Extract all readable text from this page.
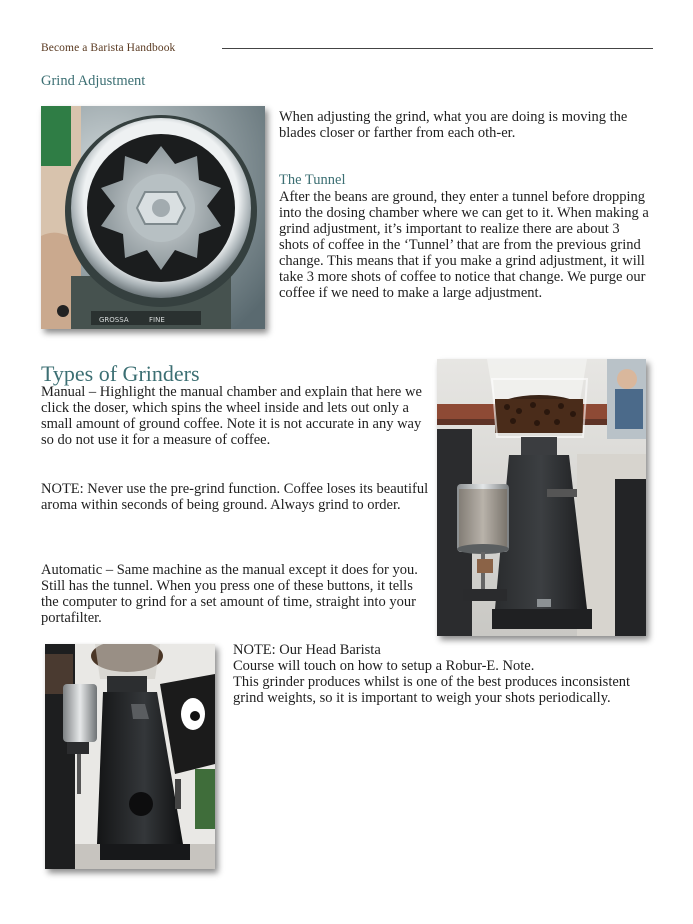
Become a Barista Handbook
Grind Adjustment
GROSSA	FINE

When adjusting the grind, what you are doing is moving the blades closer or farther from each oth-er.

The Tunnel

After the beans are ground, they enter a tunnel before dropping into the dosing chamber where we can get to it. When making a grind adjustment, it’s important to realize there are about 3 shots of coffee in the ‘Tunnel’ that are from the previous grind change. This means that if you make a grind adjustment, it will take 3 more shots of coffee to notice that change. We purge our coffee if we need to make a large adjustment.

Types of Grinders

Manual – Highlight the manual chamber and explain that here we click the doser, which spins the wheel inside and lets out only a small amount of ground coffee. Note it is not accurate in any way so do not use it for a measure of coffee.

NOTE: Never use the pre-grind function. Coffee loses its beautiful aroma within seconds of being ground. Always grind to order.

Automatic – Same machine as the manual except it does for you. Still has the tunnel. When you press one of these buttons, it tells the computer to grind for a set amount of time, straight into your portafilter.

NOTE: Our Head Barista

Course will touch on how to setup a Robur-E. Note.

This grinder produces whilst is one of the best produces inconsistent grind weights, so it is important to weigh your shots periodically.
